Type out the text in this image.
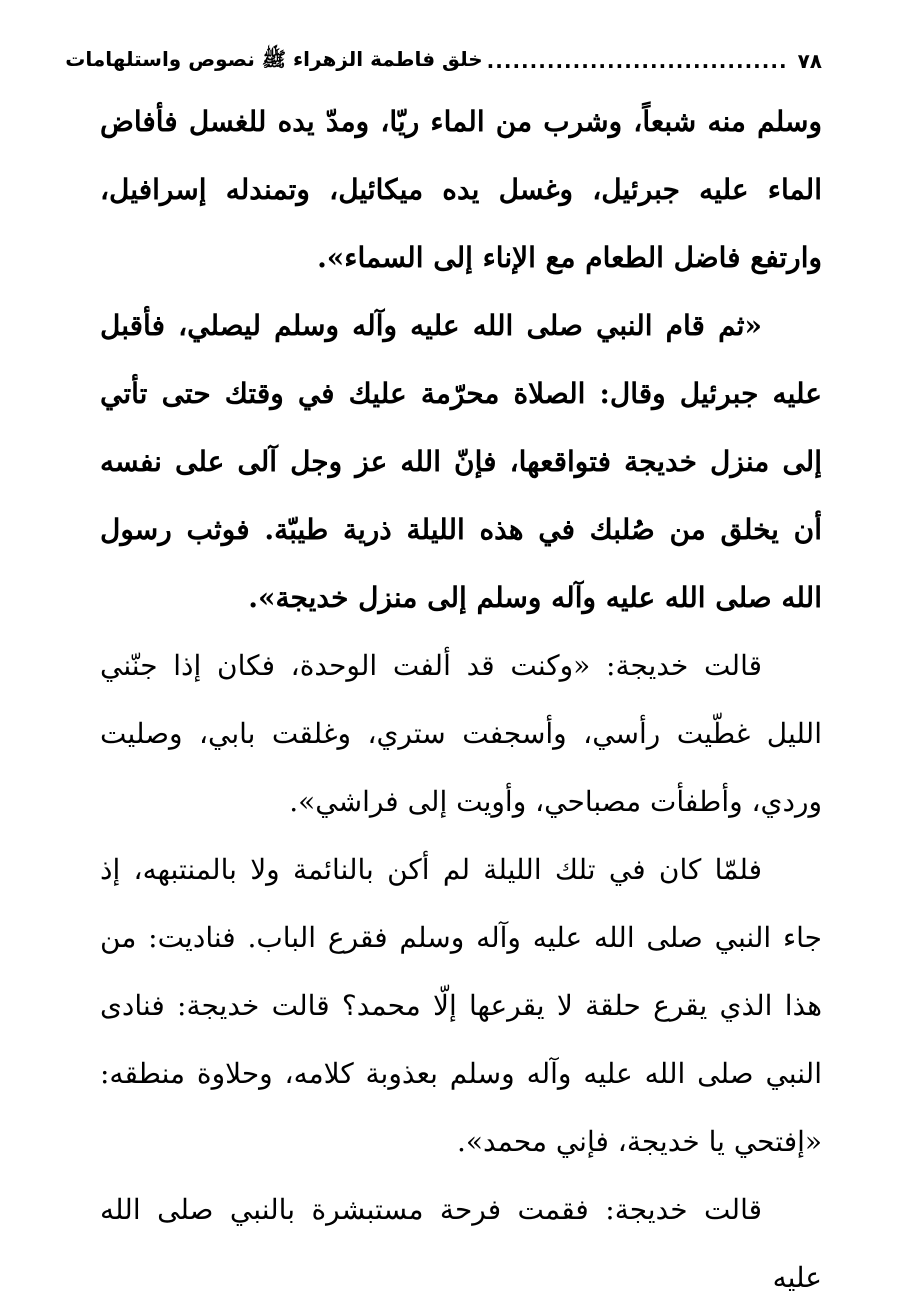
٧٨
...................................
خلق فاطمة الزهراء ﷺ نصوص واستلهامات

وسلم منه شبعاً، وشرب من الماء ريّا، ومدّ يده للغسل فأفاض الماء عليه جبرئيل، وغسل يده ميكائيل، وتمندله إسرافيل، وارتفع فاضل الطعام مع الإناء إلى السماء».

«ثم قام النبي صلى الله عليه وآله وسلم ليصلي، فأقبل عليه جبرئيل وقال: الصلاة محرّمة عليك في وقتك حتى تأتي إلى منزل خديجة فتواقعها، فإنّ الله عز وجل آلى على نفسه أن يخلق من صُلبك في هذه الليلة ذرية طيبّة. فوثب رسول الله صلى الله عليه وآله وسلم إلى منزل خديجة».

قالت خديجة: «وكنت قد ألفت الوحدة، فكان إذا جنّني الليل غطّيت رأسي، وأسجفت ستري، وغلقت بابي، وصليت وردي، وأطفأت مصباحي، وأويت إلى فراشي».

فلمّا كان في تلك الليلة لم أكن بالنائمة ولا بالمنتبهه، إذ جاء النبي صلى الله عليه وآله وسلم فقرع الباب. فناديت: من هذا الذي يقرع حلقة لا يقرعها إلّا محمد؟ قالت خديجة: فنادى النبي صلى الله عليه وآله وسلم بعذوبة كلامه، وحلاوة منطقه: «إفتحي يا خديجة، فإني محمد».

قالت خديجة: فقمت فرحة مستبشرة بالنبي صلى الله عليه
